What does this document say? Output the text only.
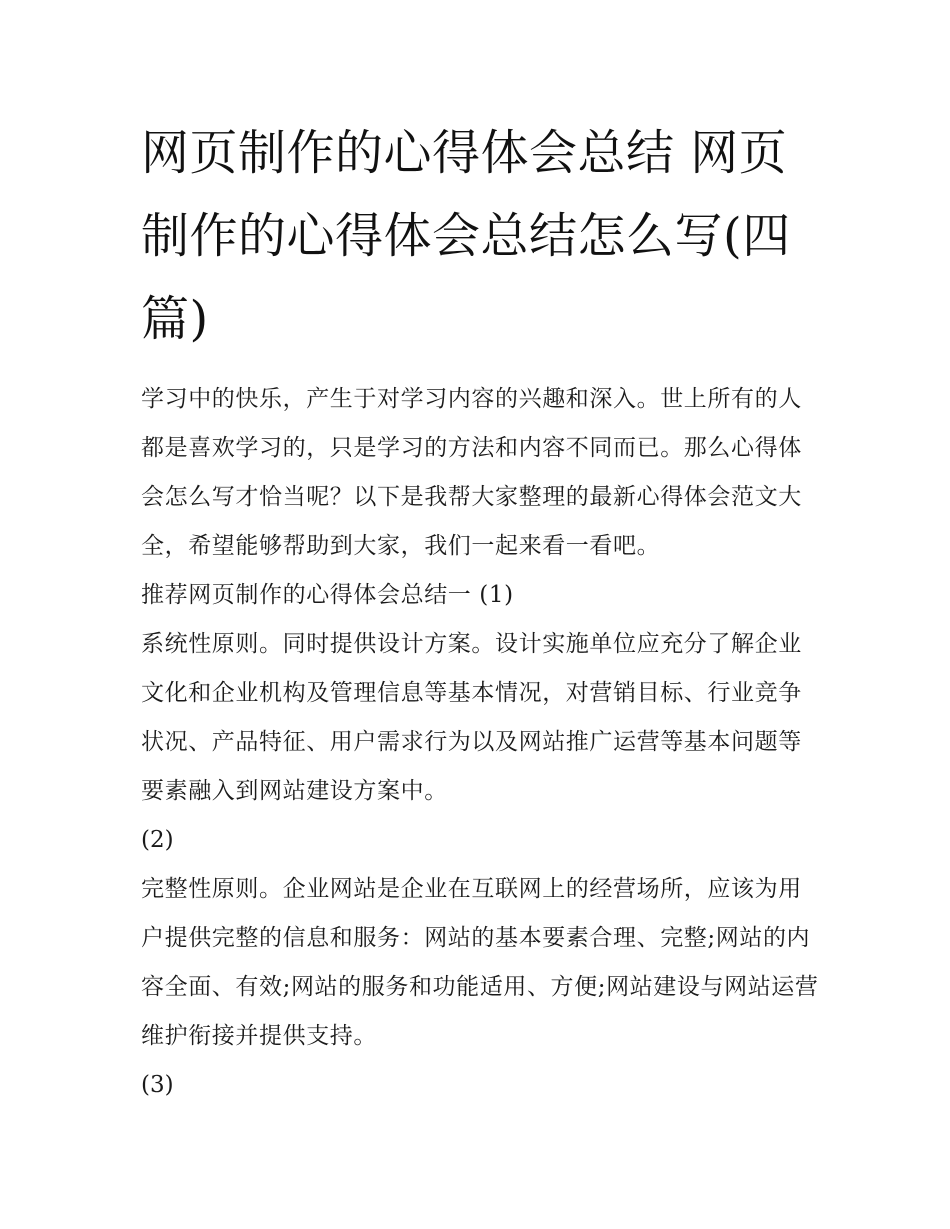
网页制作的心得体会总结 网页制作的心得体会总结怎么写(四篇)

学习中的快乐，产生于对学习内容的兴趣和深入。世上所有的人都是喜欢学习的，只是学习的方法和内容不同而已。那么心得体会怎么写才恰当呢？以下是我帮大家整理的最新心得体会范文大全，希望能够帮助到大家，我们一起来看一看吧。

推荐网页制作的心得体会总结一 (1)

系统性原则。同时提供设计方案。设计实施单位应充分了解企业文化和企业机构及管理信息等基本情况，对营销目标、行业竞争状况、产品特征、用户需求行为以及网站推广运营等基本问题等要素融入到网站建设方案中。

(2)

完整性原则。企业网站是企业在互联网上的经营场所，应该为用户提供完整的信息和服务：网站的基本要素合理、完整;网站的内容全面、有效;网站的服务和功能适用、方便;网站建设与网站运营维护衔接并提供支持。

(3)
